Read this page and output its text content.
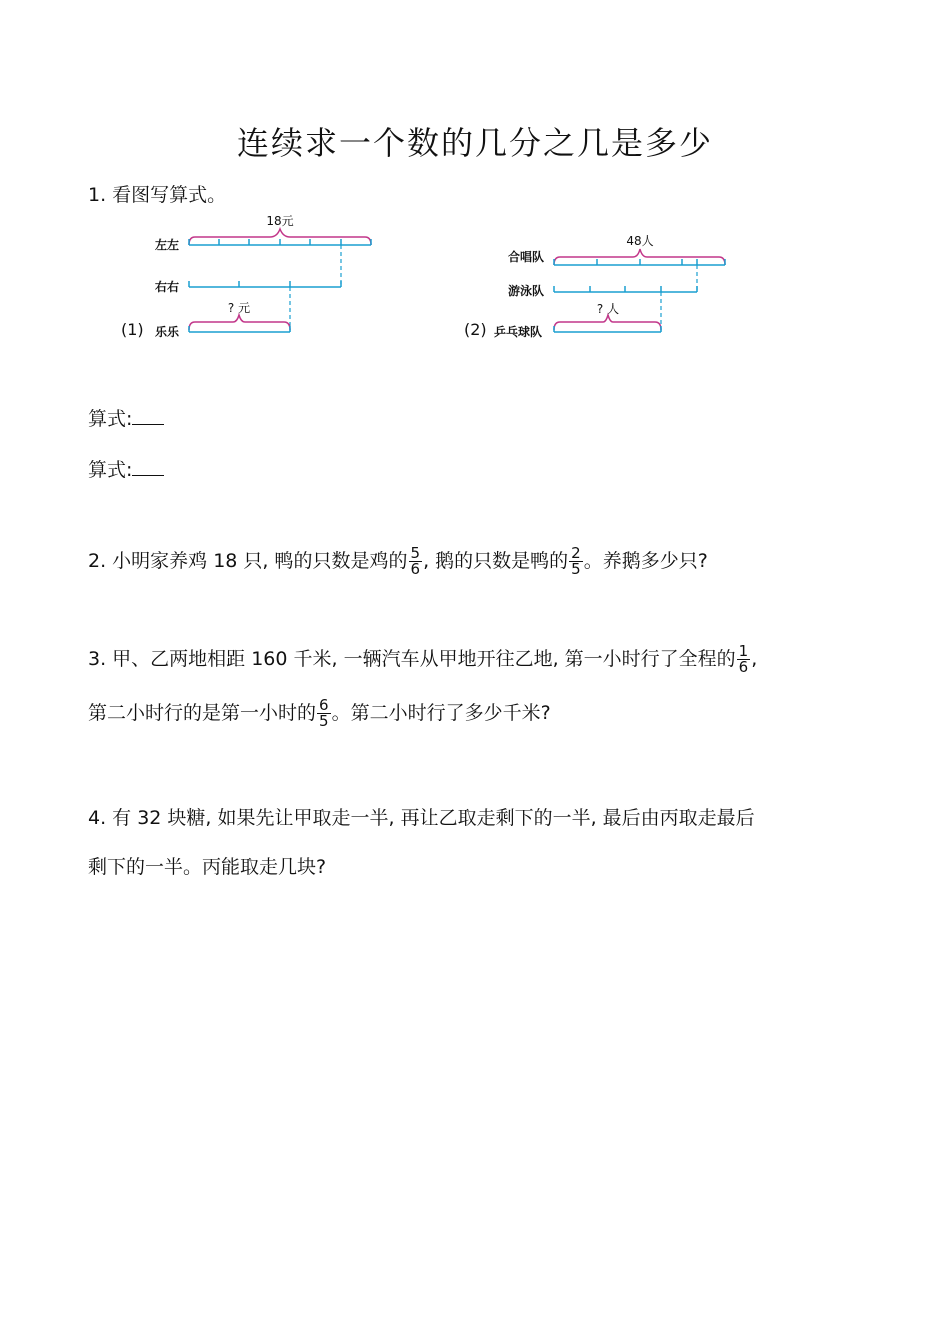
连续求一个数的几分之几是多少
1. 看图写算式。
18元
左左
右右
(1) 乐乐
? 元
48人
合唱队
游泳队
(2) 乒乓球队
? 人
算式:
算式:
2. 小明家养鸡 18 只, 鸭的只数是鸡的 $\frac{5}{6}$ , 鹅的只数是鸭的 $\frac{2}{5}$ 。养鹅多少只?
3. 甲、乙两地相距 160 千米, 一辆汽车从甲地开往乙地, 第一小时行了全程的 $\frac{1}{6}$ ,
第二小时行的是第一小时的 $\frac{6}{5}$ 。第二小时行了多少千米?
4. 有 32 块糖, 如果先让甲取走一半, 再让乙取走剩下的一半, 最后由丙取走最后
剩下的一半。丙能取走几块?
